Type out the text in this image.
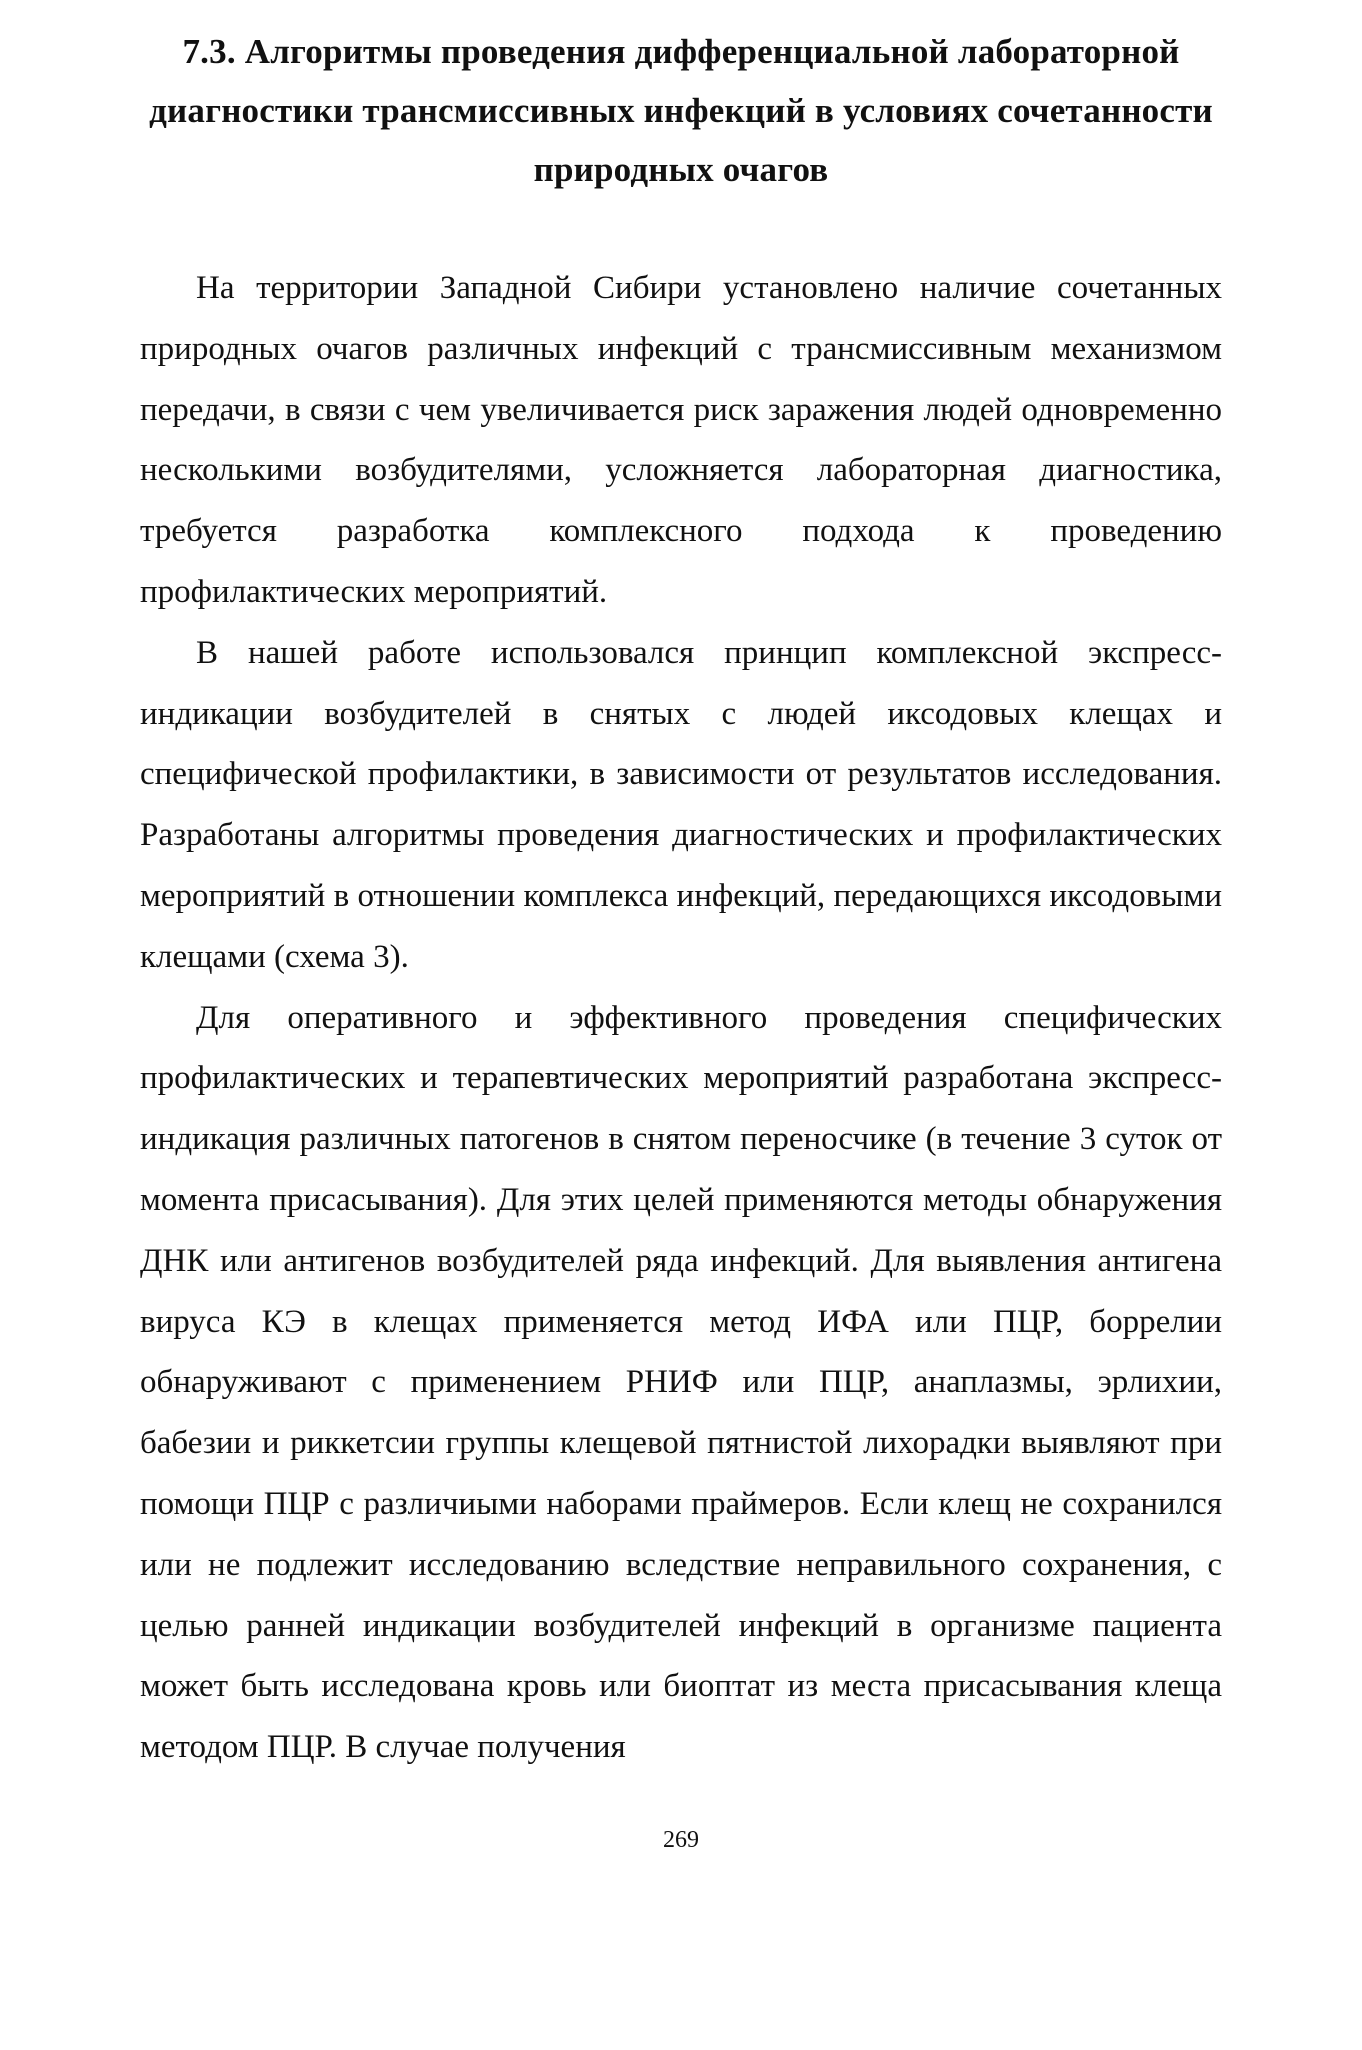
7.3. Алгоритмы проведения дифференциальной лабораторной
диагностики трансмиссивных инфекций в условиях сочетанности
природных очагов

На территории Западной Сибири установлено наличие сочетанных природных очагов различных инфекций с трансмиссивным механизмом передачи, в связи с чем увеличивается риск заражения людей одновременно несколькими возбудителями, усложняется лабораторная диагностика, требуется разработка комплексного подхода к проведению профилактических мероприятий.

В нашей работе использовался принцип комплексной экспресс-индикации возбудителей в снятых с людей иксодовых клещах и специфической профилактики, в зависимости от результатов исследования. Разработаны алгоритмы проведения диагностических и профилактических мероприятий в отношении комплекса инфекций, передающихся иксодовыми клещами (схема 3).

Для оперативного и эффективного проведения специфических профилактических и терапевтических мероприятий разработана экспресс-индикация различных патогенов в снятом переносчике (в течение 3 суток от момента присасывания). Для этих целей применяются методы обнаружения ДНК или антигенов возбудителей ряда инфекций. Для выявления антигена вируса КЭ в клещах применяется метод ИФА или ПЦР, боррелии обнаруживают с применением РНИФ или ПЦР, анаплазмы, эрлихии, бабезии и риккетсии группы клещевой пятнистой лихорадки выявляют при помощи ПЦР с различиыми наборами праймеров. Если клещ не сохранился или не подлежит исследованию вследствие неправильного сохранения, с целью ранней индикации возбудителей инфекций в организме пациента может быть исследована кровь или биоптат из места присасывания клеща методом ПЦР. В случае получения

269
